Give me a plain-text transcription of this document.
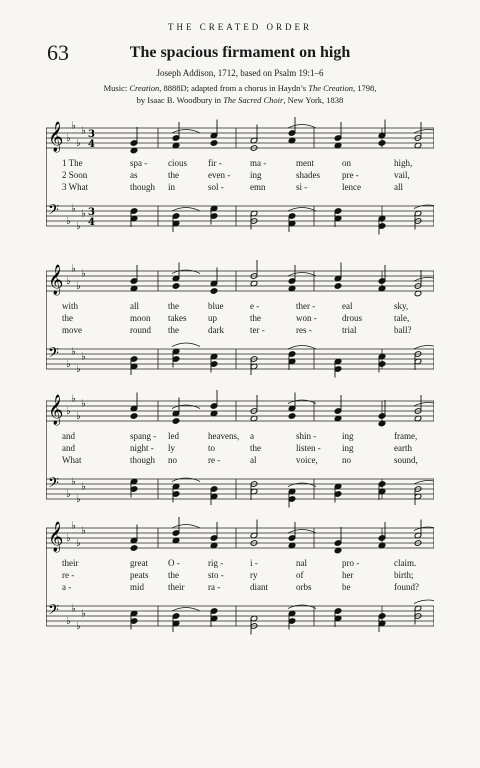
THE CREATED ORDER
63	The spacious firmament on high
Joseph Addison, 1712, based on Psalm 19:1–6
Music: Creation, 8888D; adapted from a chorus in Haydn’s The Creation, 1798,
by Isaac B. Woodbury in The Sacred Choir, New York, 1838
𝄞 ♭
♭
♭
♭ 3
4
𝄢 ♭
♭
♭
♭ 3
4
1 The	spa - cious fir -	ma -	ment	on	high,
2 Soon	as	the	even - ing	shades pre -	vail,
3 What	though in	sol -	emn	si -	lence	all
𝄞 ♭
♭
♭
♭
𝄢 ♭
♭
♭
♭
with	all	the	blue	e -	ther -	eal	sky,
the	moon takes up	the	won -	drous	tale,
move	round the	dark	ter -	res -	trial	ball?
𝄞 ♭
♭
♭
♭
𝄢 ♭
♭
♭
♭
and	spang - led	heavens, a	shin -	ing	frame,
and	night - ly	to	the	listen - ing	earth
What	though no	re -	al	voice,	no	sound,
𝄞 ♭
♭
♭
♭
𝄢 ♭
♭
♭
♭
their	great O -	rig -	i -	nal	pro -	claim.
re -	peats the	sto -	ry	of	her	birth;
a -	mid	their	ra -	diant	orbs	be	found?
